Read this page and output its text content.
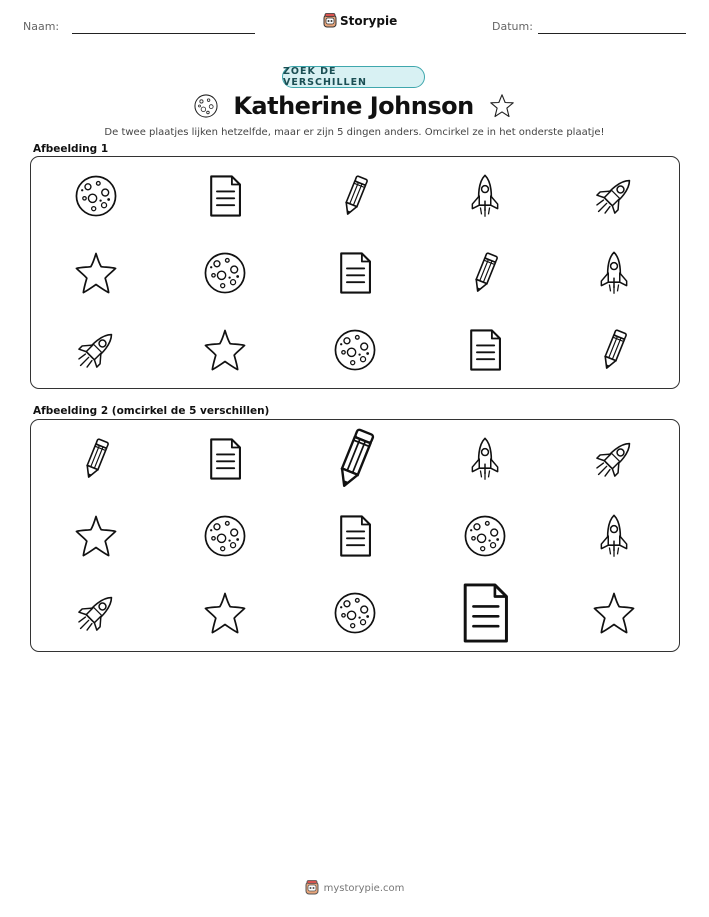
Naam:	Storypie	Datum:
ZOEK DE VERSCHILLEN
Katherine Johnson
De twee plaatjes lijken hetzelfde, maar er zijn 5 dingen anders. Omcirkel ze in het onderste plaatje!
Afbeelding 1
Afbeelding 2 (omcirkel de 5 verschillen)
mystorypie.com
